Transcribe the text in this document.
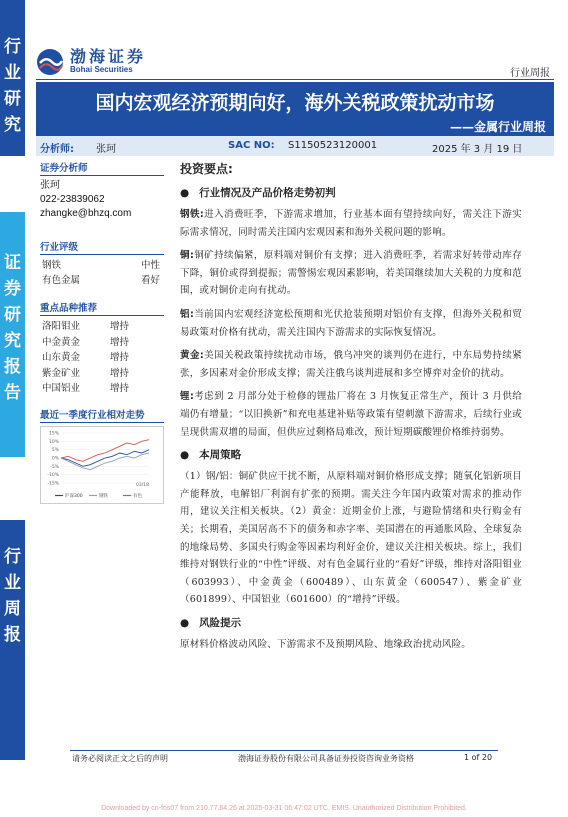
行
业
研
究
证
券
研
究
报
告
行
业
周
报
渤海证券
Bohai Securities	行业周报
国内宏观经济预期向好，海外关税政策扰动市场
——金属行业周报
分析师: 张珂	SAC NO: S1150523120001	2025 年 3 月 19 日
证券分析师
张珂
022-23839062
zhangke@bhzq.com
行业评级
钢铁	中性
有色金属	看好
重点品种推荐
洛阳钼业	增持
中金黄金	增持
山东黄金	增持
紫金矿业	增持
中国铝业	增持
最近一季度行业相对走势
15%
10%
5%
0%
-5%
-10%
-15%	03/18
沪深300	钢铁	有色
投资要点:
● 行业情况及产品价格走势初判
钢铁:进入消费旺季，下游需求增加，行业基本面有望持续向好，需关注下游实际需求情况，同时需关注国内宏观因素和海外关税问题的影响。
铜:铜矿持续偏紧，原料端对铜价有支撑；进入消费旺季，若需求好转带动库存下降，铜价或得到提振；需警惕宏观因素影响，若美国继续加大关税的力度和范围，或对铜价走向有扰动。
铝:当前国内宏观经济宽松预期和光伏抢装预期对铝价有支撑，但海外关税和贸易政策对价格有扰动，需关注国内下游需求的实际恢复情况。
黄金:美国关税政策持续扰动市场，俄乌冲突的谈判仍在进行，中东局势持续紧张，多因素对金价形成支撑；需关注俄乌谈判进展和多空博弈对金价的扰动。
锂:考虑到 2 月部分处于检修的锂盐厂将在 3 月恢复正常生产，预计 3 月供给端仍有增量；“以旧换新”和充电基建补贴等政策有望刺激下游需求，后续行业或呈现供需双增的局面，但供应过剩格局难改，预计短期碳酸锂价格维持弱势。
● 本周策略
（1）钢/铝：铜矿供应干扰不断，从原料端对铜价格形成支撑；随氧化铝新项目产能释放，电解铝厂利润有扩张的预期。需关注今年国内政策对需求的推动作用，建议关注相关板块。（2）黄金：近期金价上涨，与避险情绪和央行购金有关；长期看，美国居高不下的债务和赤字率、美国潜在的再通胀风险、全球复杂的地缘局势、多国央行购金等因素均利好金价，建议关注相关板块。综上，我们维持对钢铁行业的“中性”评级、对有色金属行业的“看好”评级，维持对洛阳钼业（603993）、中金黄金（600489）、山东黄金（600547）、紫金矿业（601899）、中国铝业（601600）的“增持”评级。
● 风险提示
原材料价格波动风险、下游需求不及预期风险、地缘政治扰动风险。
请务必阅读正文之后的声明	渤海证券股份有限公司具备证券投资咨询业务资格	1 of 20
Downloaded by cn-fos07 from 210.77.64.26 at 2025-03-31 06:47:02 UTC. EMIS. Unauthorized Distribution Prohibited.
